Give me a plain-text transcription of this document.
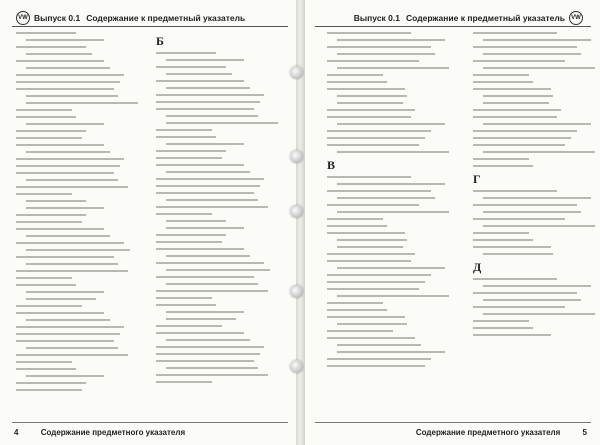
VW Выпуск 0.1 Содержание к предметный указатель
Б
4	Содержание предметного указателя
Выпуск 0.1 Содержание к предметный указатель	VW
В
Г
Д
Содержание предметного указателя	5
